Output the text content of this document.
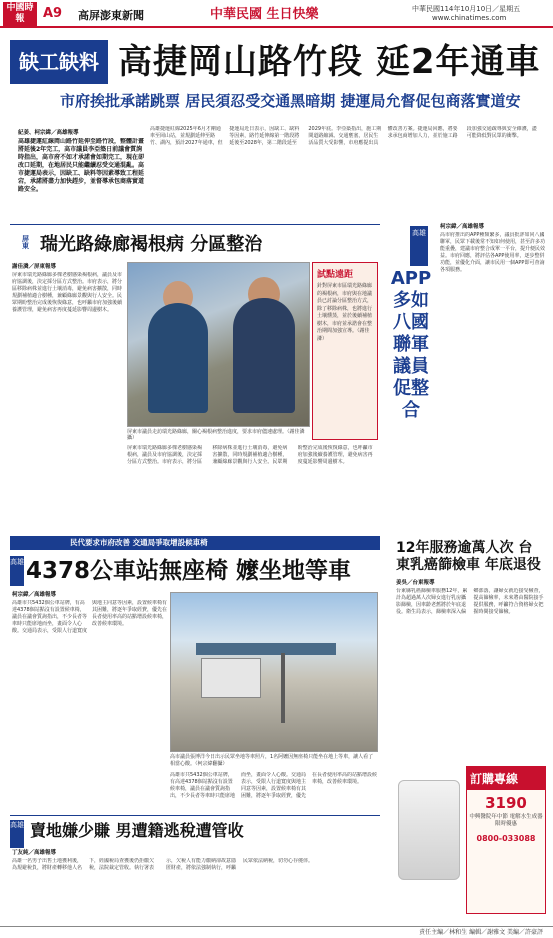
中國時報	A9 高屏澎東新聞	中華民國 生日快樂	中華民國114年10月10日／星期五
www.chinatimes.com
缺工缺料 高捷岡山路竹段 延2年通車
市府挨批承諾跳票 居民須忍受交通黑暗期 捷運局允督促包商落實道安
紀姜、柯宗緯／高雄報導
高雄捷運紅線岡山路竹延伸至路竹段，整體計畫將延後2年完工，高市議員李亞築日前議會質詢時指出，高市府不如才承諾會如期完工，現在卻改口延期，在地居民只能繼續忍受交通混亂。高市捷運局表示，因缺工、缺料等因素導致工程延宕，承諾將盡力加快趕步，並督導承包商落實道路安全。
高雄捷運紅線2025年6月才剛通車至岡山站，並規劃延伸至路竹、湖內，預計2027年通車，但捷運局近日表示，因缺工、缺料等因素，路竹延伸線第一階段將延後至2028年，第二階段延至2029年底。李亞築指出，施工期間道路縮減、交通壅塞，居民生活品質大受影響，市府應提出具體改善方案。捷運局回應，將要求承包商增加人力，並於施工路段加強交通疏導與安全維護，盡可能降低對民眾的衝擊。
屏東 瑞光路綠廊褐根病 分區整治
謝佳潾／屏東報導
屏東市瑞光路綠廊多棵老樹感染褐根病，議員及市府協調後，決定採分區方式整治。市府表示，將分區移除病株並進行土壤消毒，避免病害擴散，同時規劃補植適合樹種，兼顧綠廊景觀與行人安全。民眾期盼整治完成後恢復綠意，也呼籲市府加強後續養護管理，避免病害再度蔓延影響周邊樹木。
試點遠距
針對屏東市區瑞光路綠廊的褐根病，市府與在地議員已討論分區整治方式，除了移除病株，也將進行土壤燻蒸，並於後續補植樹木，市府並承諾會在整治期間加強宣導。（謝佳潾）
屏東市議員走訪瑞光路綠廊，關心褐根病整治進度，要求市府儘速處理。（謝佳潾攝）
屏東市瑞光路綠廊多棵老樹感染褐根病，議員及市府協調後，決定採分區方式整治。市府表示，將分區移除病株並進行土壤消毒，避免病害擴散，同時規劃補植適合樹種，兼顧綠廊景觀與行人安全。民眾期盼整治完成後恢復綠意，也呼籲市府加強後續養護管理，避免病害再度蔓延影響周邊樹木。
高雄
APP多如八國聯軍 議員促整合
柯宗緯／高雄報導
高市府推出的APP種類繁多，議員批評如同八國聯軍，民眾下載後常不知如何使用，甚至許多功能重疊，建議市府整合成單一平台，提升便民效益。市府回應，將評估各APP使用率，逐步整併功能，並優化介面，讓市民用一個APP即可查詢各項服務。
民代要求市府改善 交通局爭取增設候車椅
高雄 4378公車站無座椅 嬤坐地等車
柯宗緯／高雄報導
高雄市共5432個公車站牌，有高達4378個站點沒有設置候車椅，議員在議會質詢指出，不少長者等車時只能席地而坐，畫面令人心酸。交通局表示，受限人行道寬度與地主同意等因素，設置候車椅有其困難，將逐年爭取經費，優先在長者使用率高的站點增設候車椅，改善候車環境。
高市議員張博洋今日出示民眾坐地等車照片，1名阿嬤因無座椅只能坐在地上等車，讓人看了相當心酸。（柯宗緯翻攝）
高雄市共5432個公車站牌，有高達4378個站點沒有設置候車椅，議員在議會質詢指出，不少長者等車時只能席地而坐，畫面令人心酸。交通局表示，受限人行道寬度與地主同意等因素，設置候車椅有其困難，將逐年爭取經費，優先在長者使用率高的站點增設候車椅，改善候車環境。
12年服務逾萬人次 台東乳癌篩檢車 年底退役
姜吳／台東報導
台東縣乳癌篩檢車服務12年，累計為超過萬人次婦女進行乳房攝影篩檢，因車齡老舊將於年底退役。衛生局表示，篩檢車深入偏鄉部落，讓婦女就近接受檢查，提高篩檢率，未來將由醫院接手提供服務，呼籲符合資格婦女把握時間接受篩檢。
訂購專線
3190
中興醫院年中節 電解水生成器 限時優惠
0800-033088
高雄 賣地嫌少賺 男遭籍逃稅遭管收
丁友純／高雄報導
高雄一名男子出售土地獲利後，為規避稅負，將財產轉移他人名下，經國稅局查獲後仍拒繳欠稅，法院裁定管收。執行署表示，欠稅人有能力繳納卻故意隱匿財產，將依法強制執行，呼籲民眾依法納稅，切勿心存僥倖。
責任主編／林和生 編輯／謝雅文 美編／許豪評
